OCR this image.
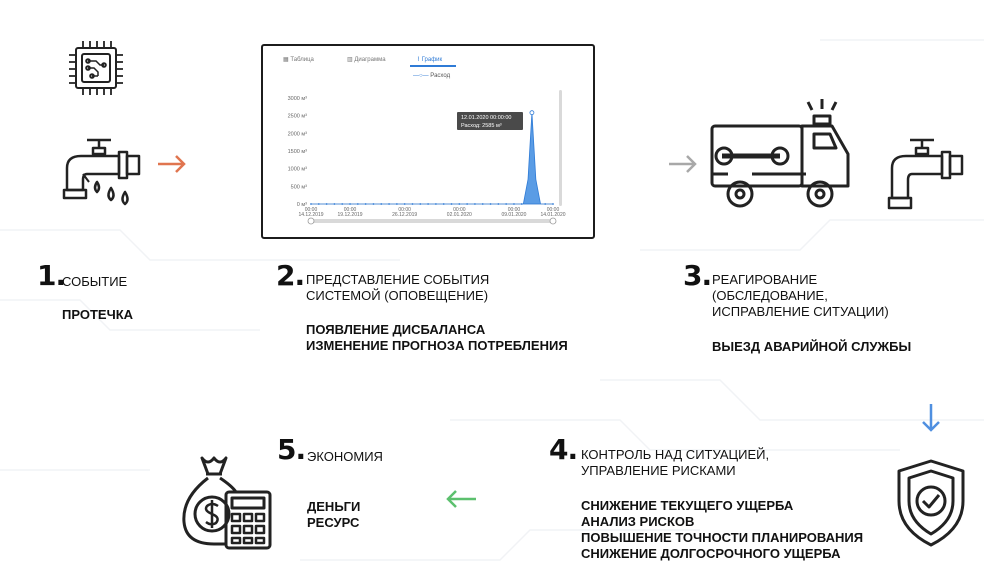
▦ Таблица	▥ Диаграмма	⌇ График
—○— Расход
3000 м³
2500 м³
2000 м³
1500 м³
1000 м³
500 м³
0 м³
00:00
14.12.2019
00:00
19.12.2019
00:00
26.12.2019
00:00
02.01.2020
00:00
09.01.2020
00:00
14.01.2020
12.01.2020 00:00:00
Расход: 2585 м³
1.
СОБЫТИЕ
ПРОТЕЧКА
2. ПРЕДСТАВЛЕНИЕ СОБЫТИЯ
СИСТЕМОЙ (ОПОВЕЩЕНИЕ)
ПОЯВЛЕНИЕ ДИСБАЛАНСА
ИЗМЕНЕНИЕ ПРОГНОЗА ПОТРЕБЛЕНИЯ
3. РЕАГИРОВАНИЕ
(ОБСЛЕДОВАНИЕ,
ИСПРАВЛЕНИЕ СИТУАЦИИ)
ВЫЕЗД АВАРИЙНОЙ СЛУЖБЫ
4. КОНТРОЛЬ НАД СИТУАЦИЕЙ,
УПРАВЛЕНИЕ РИСКАМИ
СНИЖЕНИЕ ТЕКУЩЕГО УЩЕРБА
АНАЛИЗ РИСКОВ
ПОВЫШЕНИЕ ТОЧНОСТИ ПЛАНИРОВАНИЯ
СНИЖЕНИЕ ДОЛГОСРОЧНОГО УЩЕРБА
5. ЭКОНОМИЯ
ДЕНЬГИ
РЕСУРС
